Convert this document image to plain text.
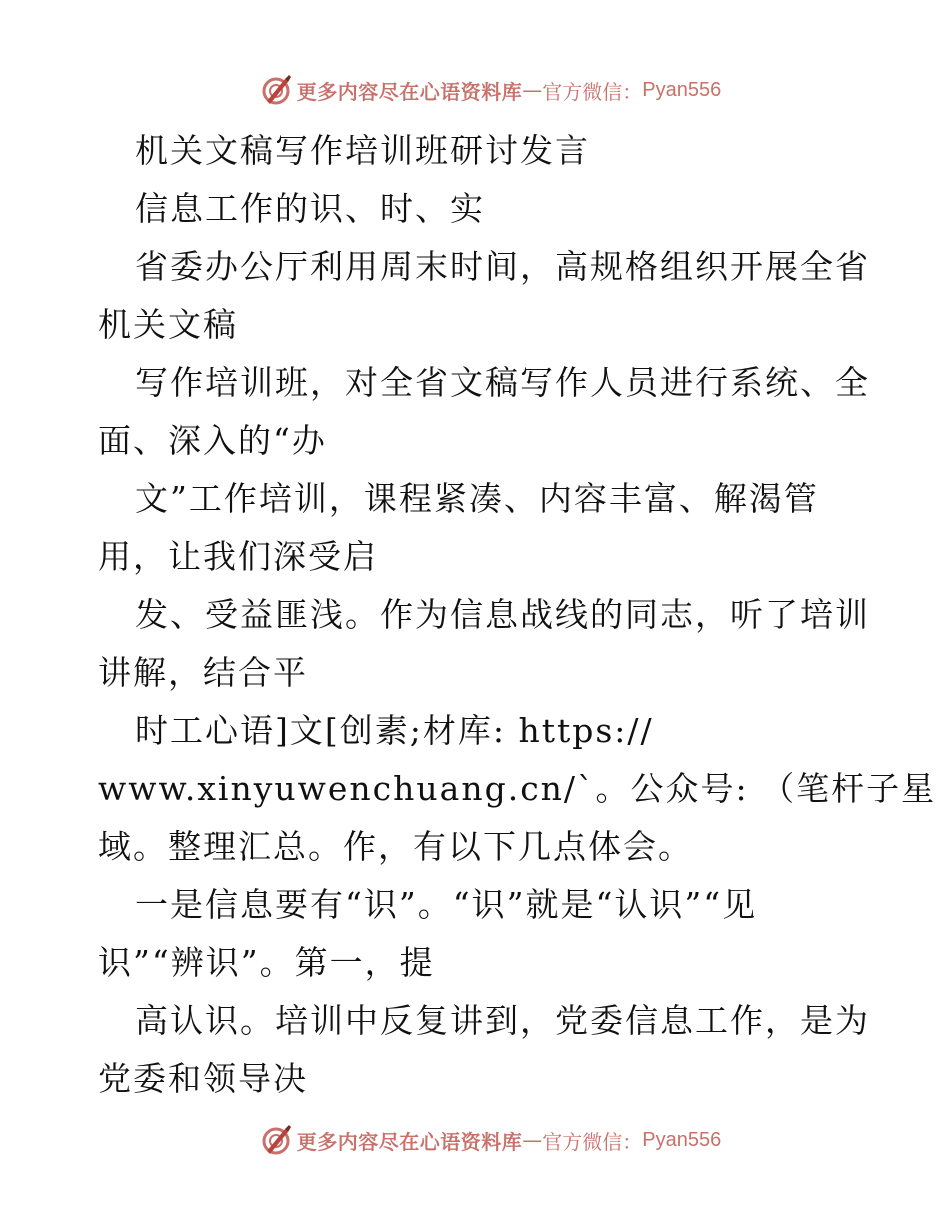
更多内容尽在心语资料库 — 官方微信： Pyan556
机关文稿写作培训班研讨发言
信息工作的识、时、实
省委办公厅利用周末时间，高规格组织开展全省
机关文稿
写作培训班，对全省文稿写作人员进行系统、全
面、深入的“办
文”工作培训，课程紧凑、内容丰富、解渴管
用，让我们深受启
发、受益匪浅。作为信息战线的同志，听了培训
讲解，结合平
时工心语]文[创素;材库: https://
www.xinyuwenchuang.cn/`。公众号: （笔杆子星
域。整理汇总。作，有以下几点体会。
一是信息要有“识”。“识”就是“认识”“见
识”“辨识”。第一，提
高认识。培训中反复讲到，党委信息工作，是为
党委和领导决
更多内容尽在心语资料库 — 官方微信： Pyan556
